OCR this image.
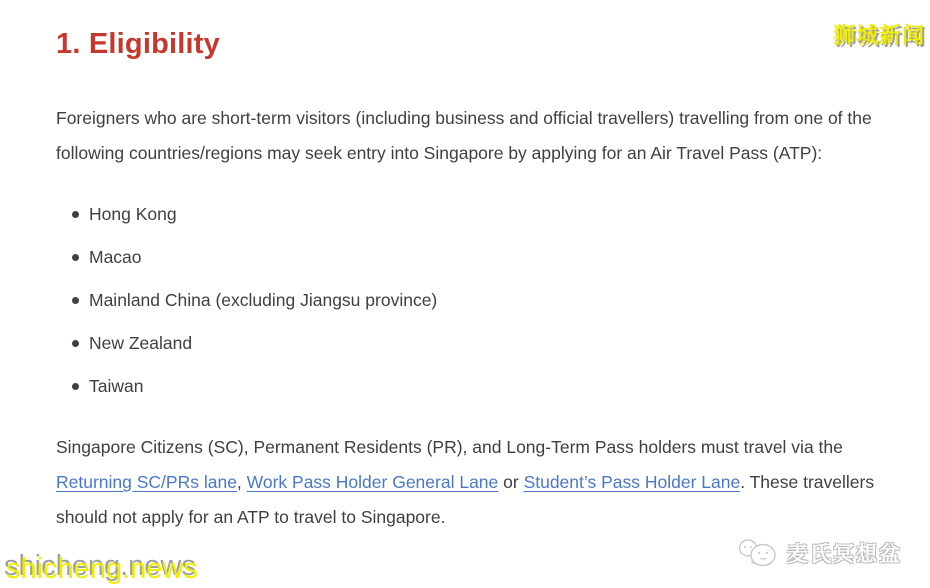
1. Eligibility

Foreigners who are short-term visitors (including business and official travellers) travelling from one of the following countries/regions may seek entry into Singapore by applying for an Air Travel Pass (ATP):

Hong Kong
Macao
Mainland China (excluding Jiangsu province)
New Zealand
Taiwan

Singapore Citizens (SC), Permanent Residents (PR), and Long-Term Pass holders must travel via the Returning SC/PRs lane, Work Pass Holder General Lane or Student’s Pass Holder Lane. These travellers should not apply for an ATP to travel to Singapore.

狮城新闻
shicheng.news	麦氏冥想盆
